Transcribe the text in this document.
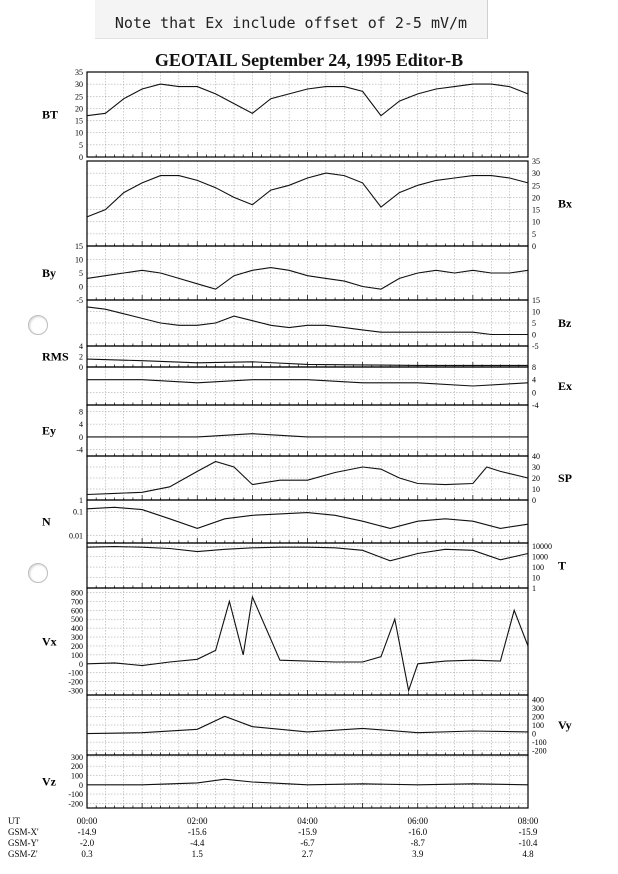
Note that Ex include offset of 2-5 mV/m
GEOTAIL September 24, 1995 Editor-B
35
30
25
20
15
10
5
0
BT
35
30
25
20
15
10
5
0
Bx
15
10
5
0
-5
By
15
10
5
0
-5
Bz
4
2
0
RMS
8
4
0
-4
Ex
8
4
0
-4
Ey
40
30
20
10
0
SP
1
0.1
0.01
N
10000
1000
100
10
1
T
800
700
600
500
400
300
200
100
0
-100
-200
-300
Vx
400
300
200
100
0
-100
-200
Vy
300
200
100
0
-100
-200
Vz
UT
GSM-X'
GSM-Y'
GSM-Z'
00:00
-14.9
-2.0
0.3
02:00
-15.6
-4.4
1.5
04:00
-15.9
-6.7
2.7
06:00
-16.0
-8.7
3.9
08:00
-15.9
-10.4
4.8
